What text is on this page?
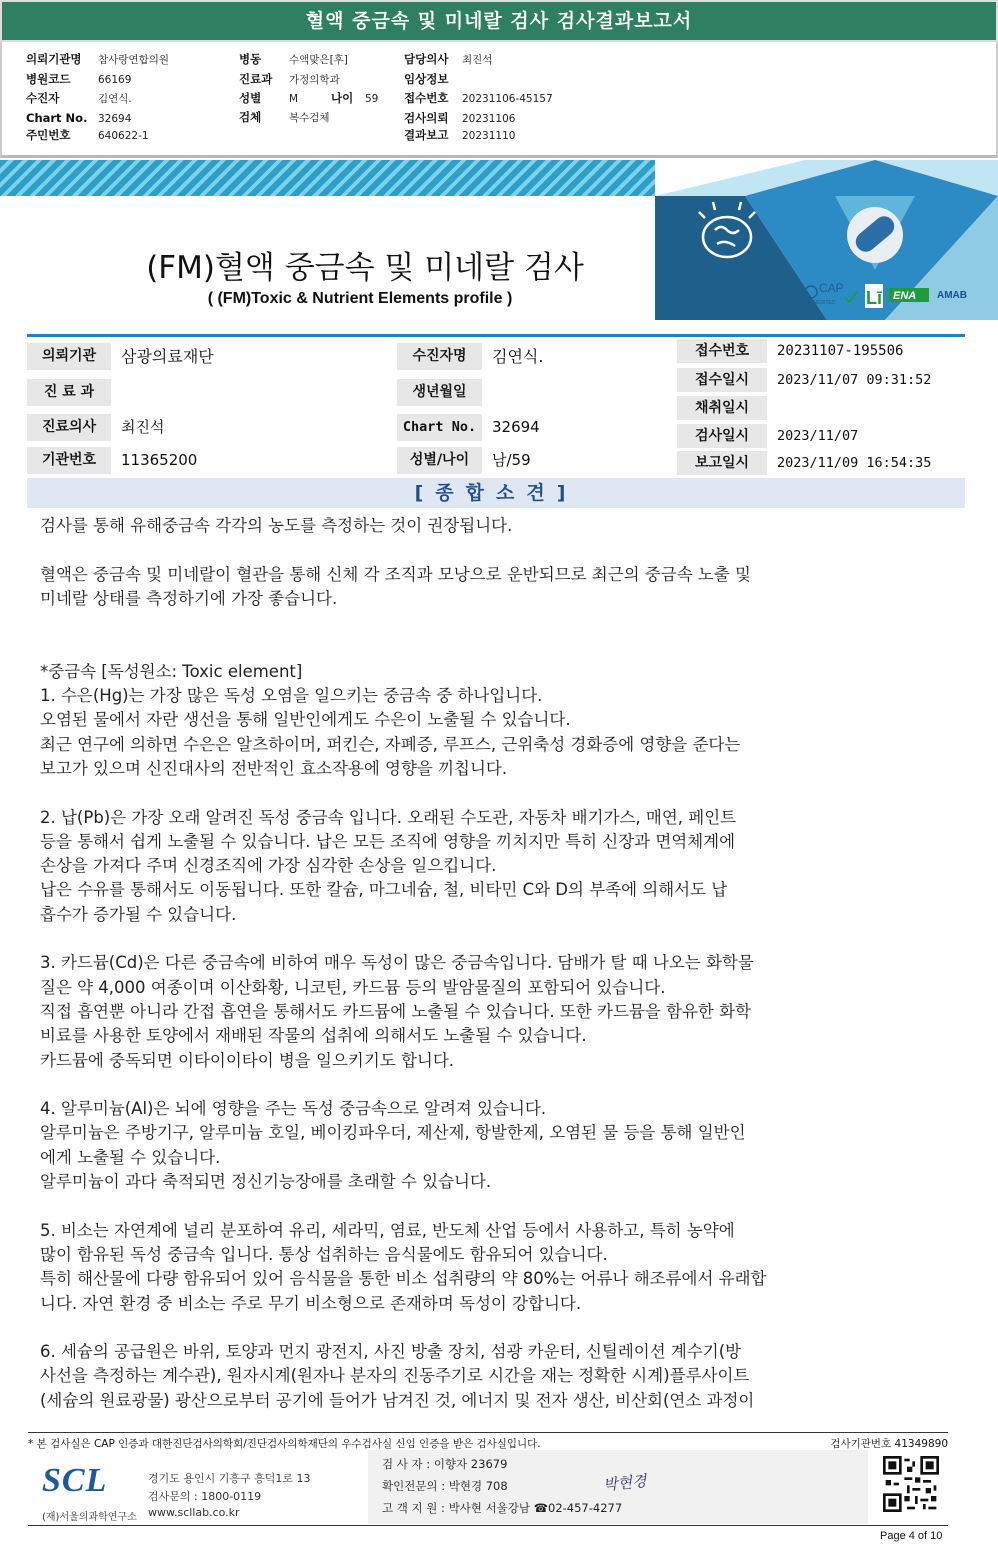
혈액 중금속 및 미네랄 검사 검사결과보고서
의뢰기관명 참사랑연합의원
병원코드	66169
수진자	김연식.
Chart No. 32694
주민번호	640622-1
병동	수액맞은[후]
진료과 가정의학과
성별	M	나이 59
검체	복수검체
담당의사 최진석
임상정보
접수번호 20231106-45157
검사의뢰 20231106
결과보고 20231110
CAP
ACCREDITED Lī ENA AMAB
(FM)혈액 중금속 및 미네랄 검사
( (FM)Toxic & Nutrient Elements profile )
의뢰기관	삼광의료재단
진 료 과
진료의사	최진석
기관번호	11365200
수진자명	김연식.
생년월일
Chart No.	32694
성별/나이	남/59
접수번호	20231107-195506
접수일시	2023/11/07 09:31:52
채취일시
검사일시	2023/11/07
보고일시	2023/11/09 16:54:35
[종합소견]

검사를 통해 유해중금속 각각의 농도를 측정하는 것이 권장됩니다.

혈액은 중금속 및 미네랄이 혈관을 통해 신체 각 조직과 모낭으로 운반되므로 최근의 중금속 노출 및

미네랄 상태를 측정하기에 가장 좋습니다.

*중금속 [독성원소: Toxic element]

1. 수은(Hg)는 가장 많은 독성 오염을 일으키는 중금속 중 하나입니다.

오염된 물에서 자란 생선을 통해 일반인에게도 수은이 노출될 수 있습니다.

최근 연구에 의하면 수은은 알츠하이머, 퍼킨슨, 자폐증, 루프스, 근위축성 경화증에 영향을 준다는

보고가 있으며 신진대사의 전반적인 효소작용에 영향을 끼칩니다.

2. 납(Pb)은 가장 오래 알려진 독성 중금속 입니다. 오래된 수도관, 자동차 배기가스, 매연, 페인트

등을 통해서 쉽게 노출될 수 있습니다. 납은 모든 조직에 영향을 끼치지만 특히 신장과 면역체계에

손상을 가져다 주며 신경조직에 가장 심각한 손상을 일으킵니다.

납은 수유를 통해서도 이동됩니다. 또한 칼슘, 마그네슘, 철, 비타민 C와 D의 부족에 의해서도 납

흡수가 증가될 수 있습니다.

3. 카드뮴(Cd)은 다른 중금속에 비하여 매우 독성이 많은 중금속입니다. 담배가 탈 때 나오는 화학물

질은 약 4,000 여종이며 이산화황, 니코틴, 카드뮴 등의 발암물질의 포함되어 있습니다.

직접 흡연뿐 아니라 간접 흡연을 통해서도 카드뮴에 노출될 수 있습니다. 또한 카드뮴을 함유한 화학

비료를 사용한 토양에서 재배된 작물의 섭취에 의해서도 노출될 수 있습니다.

카드뮴에 중독되면 이타이이타이 병을 일으키기도 합니다.

4. 알루미늄(Al)은 뇌에 영향을 주는 독성 중금속으로 알려져 있습니다.

알루미늄은 주방기구, 알루미늄 호일, 베이킹파우더, 제산제, 항발한제, 오염된 물 등을 통해 일반인

에게 노출될 수 있습니다.

알루미늄이 과다 축적되면 정신기능장애를 초래할 수 있습니다.

5. 비소는 자연계에 널리 분포하여 유리, 세라믹, 염료, 반도체 산업 등에서 사용하고, 특히 농약에

많이 함유된 독성 중금속 입니다. 통상 섭취하는 음식물에도 함유되어 있습니다.

특히 해산물에 다량 함유되어 있어 음식물을 통한 비소 섭취량의 약 80%는 어류나 해조류에서 유래합

니다. 자연 환경 중 비소는 주로 무기 비소형으로 존재하며 독성이 강합니다.

6. 세슘의 공급원은 바위, 토양과 먼지 광전지, 사진 방출 장치, 섬광 카운터, 신틸레이션 계수기(방

사선을 측정하는 계수관), 원자시계(원자나 분자의 진동주기로 시간을 재는 정확한 시계)플루사이트

(세슘의 원료광물) 광산으로부터 공기에 들어가 남겨진 것, 에너지 및 전자 생산, 비산회(연소 과정이

* 본 검사실은 CAP 인증과 대한진단검사의학회/진단검사의학재단의 우수검사실 신임 인증을 받은 검사실입니다.	검사기관번호 41349890
SCL
(재)서울의과학연구소
경기도 용인시 기흥구 흥덕1로 13
검사문의 : 1800-0119
www.scllab.co.kr
검 사 자 : 이향자 23679
확인전문의 : 박현경 708
고 객 지 원 : 박사현 서울강남 ☎02-457-4277
박현경
Page 4 of 10
